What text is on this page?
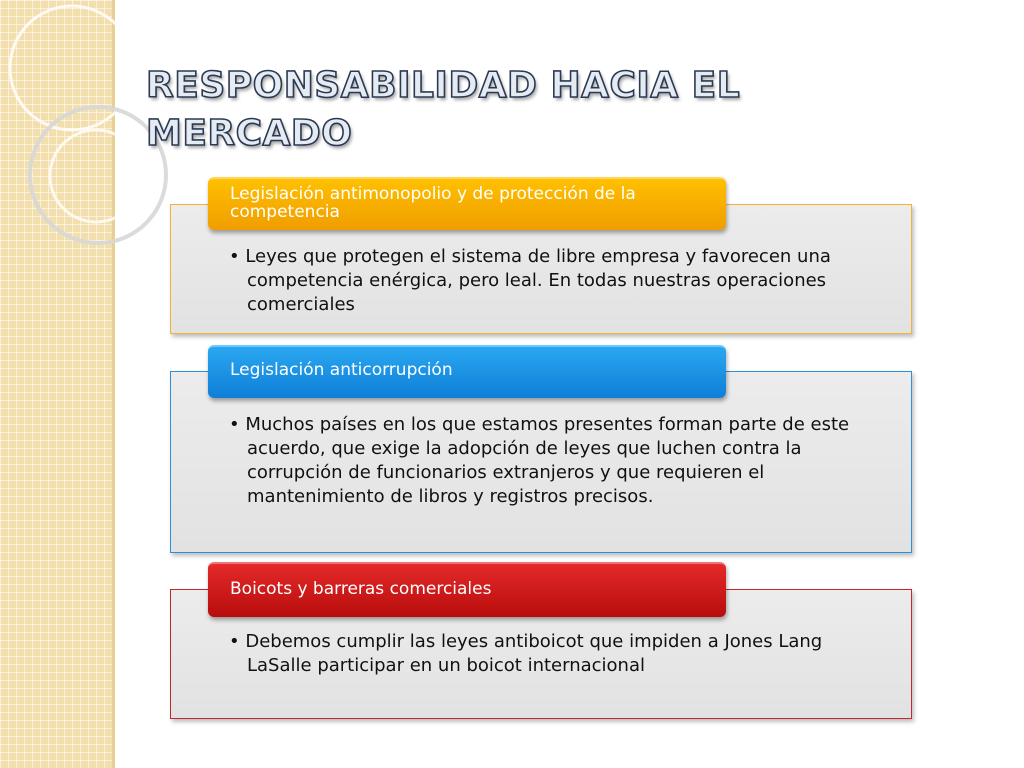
RESPONSABILIDAD HACIA EL
MERCADO

• Leyes que protegen el sistema de libre empresa y favorecen una competencia enérgica, pero leal. En todas nuestras operaciones comerciales

Legislación antimonopolio y de protección de la competencia

• Muchos países en los que estamos presentes forman parte de este acuerdo, que exige la adopción de leyes que luchen contra la corrupción de funcionarios extranjeros y que requieren el mantenimiento de libros y registros precisos.

Legislación anticorrupción

• Debemos cumplir las leyes antiboicot que impiden a Jones Lang LaSalle participar en un boicot internacional

Boicots y barreras comerciales
